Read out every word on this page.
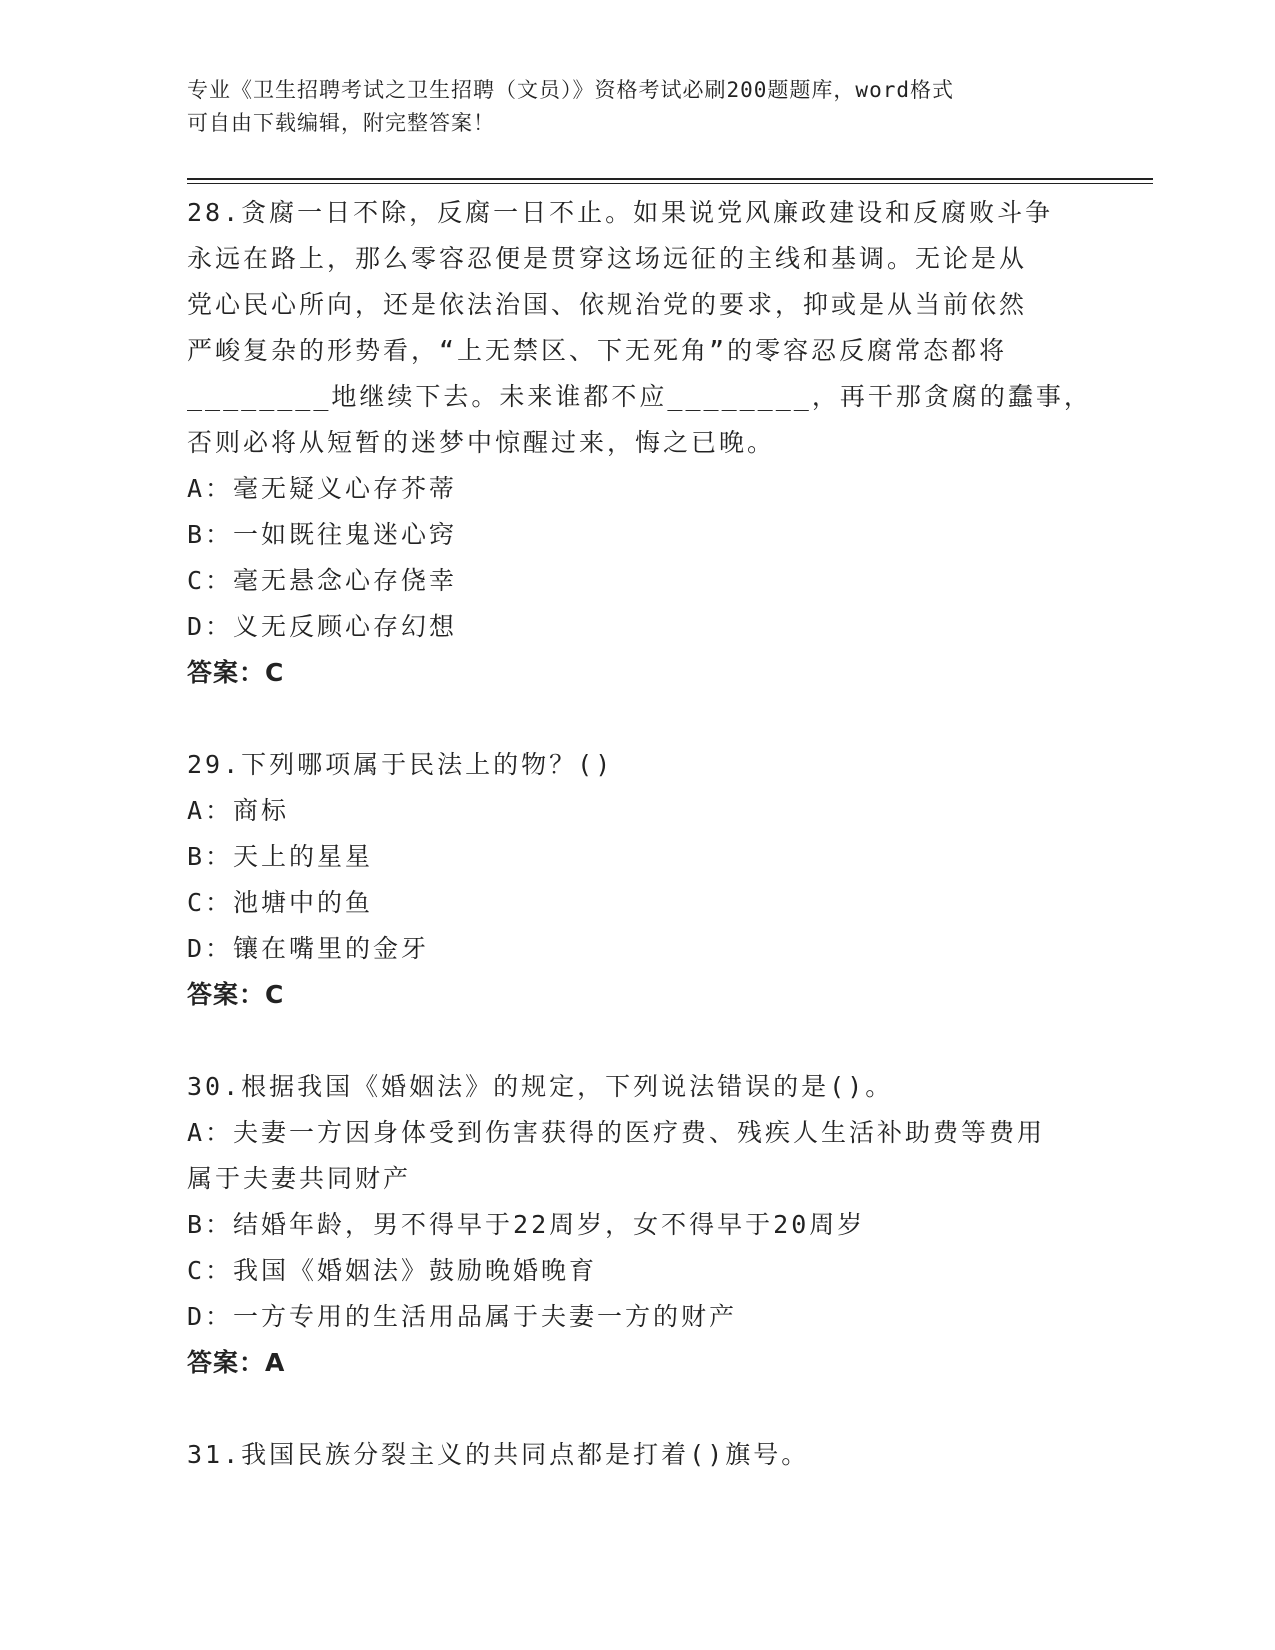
专业《卫生招聘考试之卫生招聘（文员）》资格考试必刷200题题库，word格式
可自由下载编辑，附完整答案！
28.贪腐一日不除，反腐一日不止。如果说党风廉政建设和反腐败斗争
永远在路上，那么零容忍便是贯穿这场远征的主线和基调。无论是从
党心民心所向，还是依法治国、依规治党的要求，抑或是从当前依然
严峻复杂的形势看，“上无禁区、下无死角”的零容忍反腐常态都将
________地继续下去。未来谁都不应________，再干那贪腐的蠢事，
否则必将从短暂的迷梦中惊醒过来，悔之已晚。
A：毫无疑义心存芥蒂
B：一如既往鬼迷心窍
C：毫无悬念心存侥幸
D：义无反顾心存幻想
答案：C
29.下列哪项属于民法上的物？()
A：商标
B：天上的星星
C：池塘中的鱼
D：镶在嘴里的金牙
答案：C
30.根据我国《婚姻法》的规定，下列说法错误的是()。
A：夫妻一方因身体受到伤害获得的医疗费、残疾人生活补助费等费用
属于夫妻共同财产
B：结婚年龄，男不得早于22周岁，女不得早于20周岁
C：我国《婚姻法》鼓励晚婚晚育
D：一方专用的生活用品属于夫妻一方的财产
答案：A
31.我国民族分裂主义的共同点都是打着()旗号。
